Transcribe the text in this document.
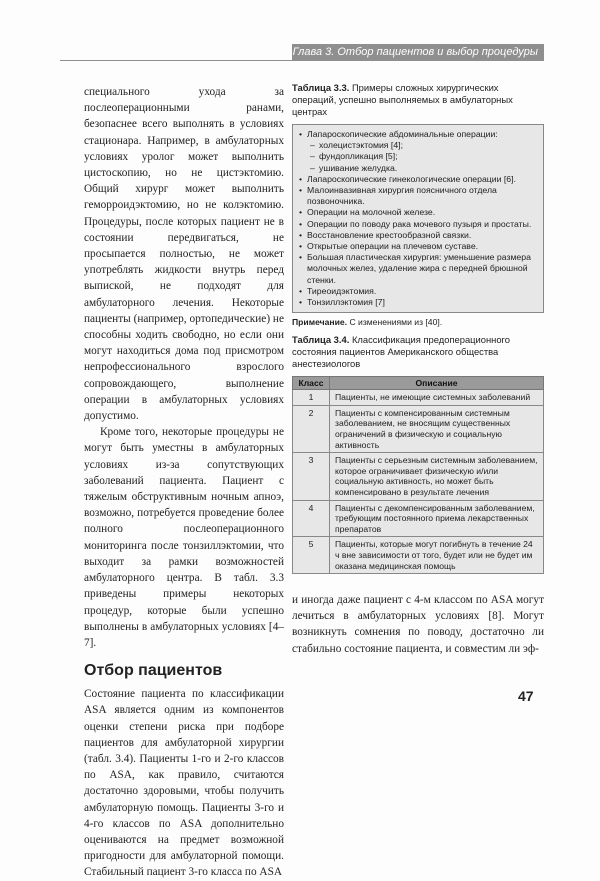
Глава 3. Отбор пациентов и выбор процедуры

специального ухода за послеоперационными ранами, безопаснее всего выполнять в условиях стационара. Например, в амбулаторных условиях уролог может выполнить цистоскопию, но не цистэктомию. Общий хирург может выполнить геморроидэктомию, но не колэктомию. Процедуры, после которых пациент не в состоянии передвигаться, не просыпается полностью, не может употреблять жидкости внутрь перед выпиской, не подходят для амбулаторного лечения. Некоторые пациенты (например, ортопедические) не способны ходить свободно, но если они могут находиться дома под присмотром непрофессионального взрослого сопровождающего, выполнение операции в амбулаторных условиях допустимо.

Кроме того, некоторые процедуры не могут быть уместны в амбулаторных условиях из-за сопутствующих заболеваний пациента. Пациент с тяжелым обструктивным ночным апноэ, возможно, потребуется проведение более полного послеоперационного мониторинга после тонзиллэктомии, что выходит за рамки возможностей амбулаторного центра. В табл. 3.3 приведены примеры некоторых процедур, которые были успешно выполнены в амбулаторных условиях [4–7].

Отбор пациентов

Состояние пациента по классификации ASA является одним из компонентов оценки степени риска при подборе пациентов для амбулаторной хирургии (табл. 3.4). Пациенты 1-го и 2-го классов по ASA, как правило, считаются достаточно здоровыми, чтобы получить амбулаторную помощь. Пациенты 3-го и 4-го классов по ASA дополнительно оцениваются на предмет возможной пригодности для амбулаторной помощи. Стабильный пациент 3-го класса по ASA

Таблица 3.3. Примеры сложных хирургических операций, успешно выполняемых в амбулаторных центрах

• Лапароскопические абдоминальные операции:
– холецистэктомия [4];
– фундопликация [5];
– ушивание желудка.
• Лапароскопические гинекологические операции [6].
• Малоинвазивная хирургия поясничного отдела позвоночника.
• Операции на молочной железе.
• Операции по поводу рака мочевого пузыря и простаты.
• Восстановление крестообразной связки.
• Открытые операции на плечевом суставе.
• Большая пластическая хирургия: уменьшение размера молочных желез, удаление жира с передней брюшной стенки.
• Тиреоидэктомия.
• Тонзиллэктомия [7]

Примечание. С изменениями из [40].

Таблица 3.4. Классификация предоперационного состояния пациентов Американского общества анестезиологов

Класс	Описание
1	Пациенты, не имеющие системных заболеваний
2	Пациенты с компенсированным системным заболеванием, не вносящим существенных ограничений в физическую и социальную активность
3	Пациенты с серьезным системным заболеванием, которое ограничивает физическую и/или социальную активность, но может быть компенсировано в результате лечения
4	Пациенты с декомпенсированным заболеванием, требующим постоянного приема лекарственных препаратов
5	Пациенты, которые могут погибнуть в течение 24 ч вне зависимости от того, будет или не будет им оказана медицинская помощь

и иногда даже пациент с 4-м классом по ASA могут лечиться в амбулаторных условиях [8]. Могут возникнуть сомнения по поводу, достаточно ли стабильно состояние пациента, и совместим ли эф-

47
